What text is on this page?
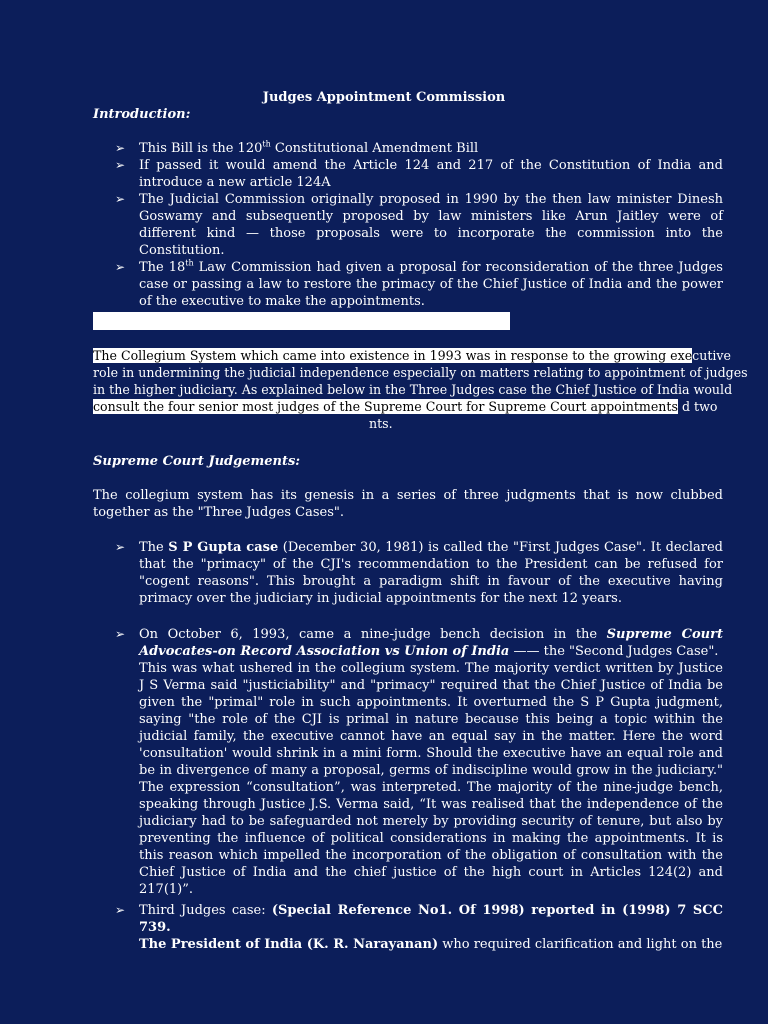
Judges Appointment Commission
Introduction:
➢ This Bill is the 120th Constitutional Amendment Bill
➢ If passed it would amend the Article 124 and 217 of the Constitution of India and introduce a new article 124A
➢ The Judicial Commission originally proposed in 1990 by the then law minister Dinesh Goswamy and subsequently proposed by law ministers like Arun Jaitley were of different kind — those proposals were to incorporate the commission into the Constitution.
➢ The 18th Law Commission had given a proposal for reconsideration of the three Judges case or passing a law to restore the primacy of the Chief Justice of India and the power of the executive to make the appointments.
The Collegium System which came into existence in 1993 was in response to the growing executive
role in undermining the judicial independence especially on matters relating to appointment of judges
in the higher judiciary. As explained below in the Three Judges case the Chief Justice of India would
consult the four senior most judges of the Supreme Court for Supreme Court appointments d two
nts.
Supreme Court Judgements:
The collegium system has its genesis in a series of three judgments that is now clubbed together as the "Three Judges Cases".
➢ The S P Gupta case (December 30, 1981) is called the "First Judges Case". It declared that the "primacy" of the CJI's recommendation to the President can be refused for "cogent reasons". This brought a paradigm shift in favour of the executive having primacy over the judiciary in judicial appointments for the next 12 years.
➢ On October 6, 1993, came a nine-judge bench decision in the Supreme Court Advocates-on Record Association vs Union of India —— the "Second Judges Case".
This was what ushered in the collegium system. The majority verdict written by Justice J S Verma said "justiciability" and "primacy" required that the Chief Justice of India be given the "primal" role in such appointments. It overturned the S P Gupta judgment, saying "the role of the CJI is primal in nature because this being a topic within the judicial family, the executive cannot have an equal say in the matter. Here the word 'consultation' would shrink in a mini form. Should the executive have an equal role and be in divergence of many a proposal, germs of indiscipline would grow in the judiciary." The expression “consultation”, was interpreted. The majority of the nine-judge bench, speaking through Justice J.S. Verma said, “It was realised that the independence of the judiciary had to be safeguarded not merely by providing security of tenure, but also by preventing the influence of political considerations in making the appointments. It is this reason which impelled the incorporation of the obligation of consultation with the Chief Justice of India and the chief justice of the high court in Articles 124(2) and 217(1)”.
➢ Third Judges case: (Special Reference No1. Of 1998) reported in (1998) 7 SCC 739.
The President of India (K. R. Narayanan) who required clarification and light on the
